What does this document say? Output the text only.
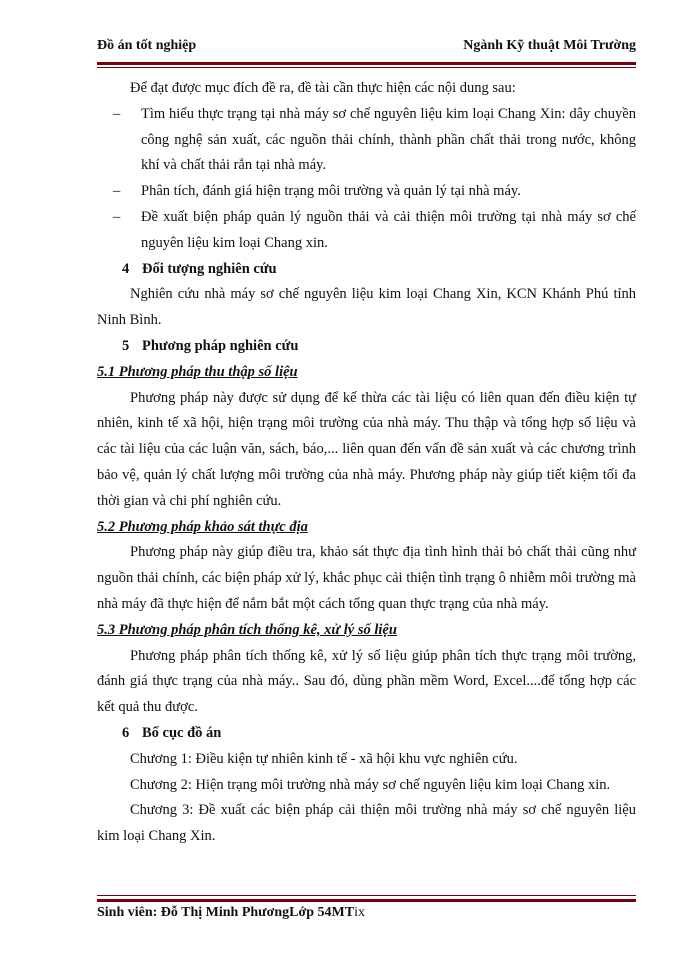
Đồ án tốt nghiệp	Ngành Kỹ thuật Môi Trường

Để đạt được mục đích đề ra, đề tài cần thực hiện các nội dung sau:

– Tìm hiểu thực trạng tại nhà máy sơ chế nguyên liệu kim loại Chang Xin: dây chuyền công nghệ sản xuất, các nguồn thải chính, thành phần chất thải trong nước, không khí và chất thải rắn tại nhà máy.

– Phân tích, đánh giá hiện trạng môi trường và quản lý tại nhà máy.

– Đề xuất biện pháp quản lý nguồn thải và cải thiện môi trường tại nhà máy sơ chế nguyên liệu kim loại Chang xin.

4 Đối tượng nghiên cứu

Nghiên cứu nhà máy sơ chế nguyên liệu kim loại Chang Xin, KCN Khánh Phú tỉnh Ninh Bình.

5 Phương pháp nghiên cứu

5.1 Phương pháp thu thập số liệu

Phương pháp này được sử dụng để kế thừa các tài liệu có liên quan đến điều kiện tự nhiên, kinh tế xã hội, hiện trạng môi trường của nhà máy. Thu thập và tổng hợp số liệu và các tài liệu của các luận văn, sách, báo,... liên quan đến vấn đề sản xuất và các chương trình bảo vệ, quản lý chất lượng môi trường của nhà máy. Phương pháp này giúp tiết kiệm tối đa thời gian và chi phí nghiên cứu.

5.2 Phương pháp khảo sát thực địa

Phương pháp này giúp điều tra, khảo sát thực địa tình hình thải bỏ chất thải cũng như nguồn thải chính, các biện pháp xử lý, khắc phục cải thiện tình trạng ô nhiễm môi trường mà nhà máy đã thực hiện để nắm bắt một cách tổng quan thực trạng của nhà máy.

5.3 Phương pháp phân tích thống kê, xử lý số liệu

Phương pháp phân tích thống kê, xử lý số liệu giúp phân tích thực trạng môi trường, đánh giá thực trạng của nhà máy.. Sau đó, dùng phần mềm Word, Excel....để tổng hợp các kết quả thu được.

6 Bố cục đồ án

Chương 1: Điều kiện tự nhiên kinh tế - xã hội khu vực nghiên cứu.

Chương 2: Hiện trạng môi trường nhà máy sơ chế nguyên liệu kim loại Chang xin.

Chương 3: Đề xuất các biện pháp cải thiện môi trường nhà máy sơ chế nguyên liệu kim loại Chang Xin.

Sinh viên: Đỗ Thị Minh PhươngLớp 54MTix
